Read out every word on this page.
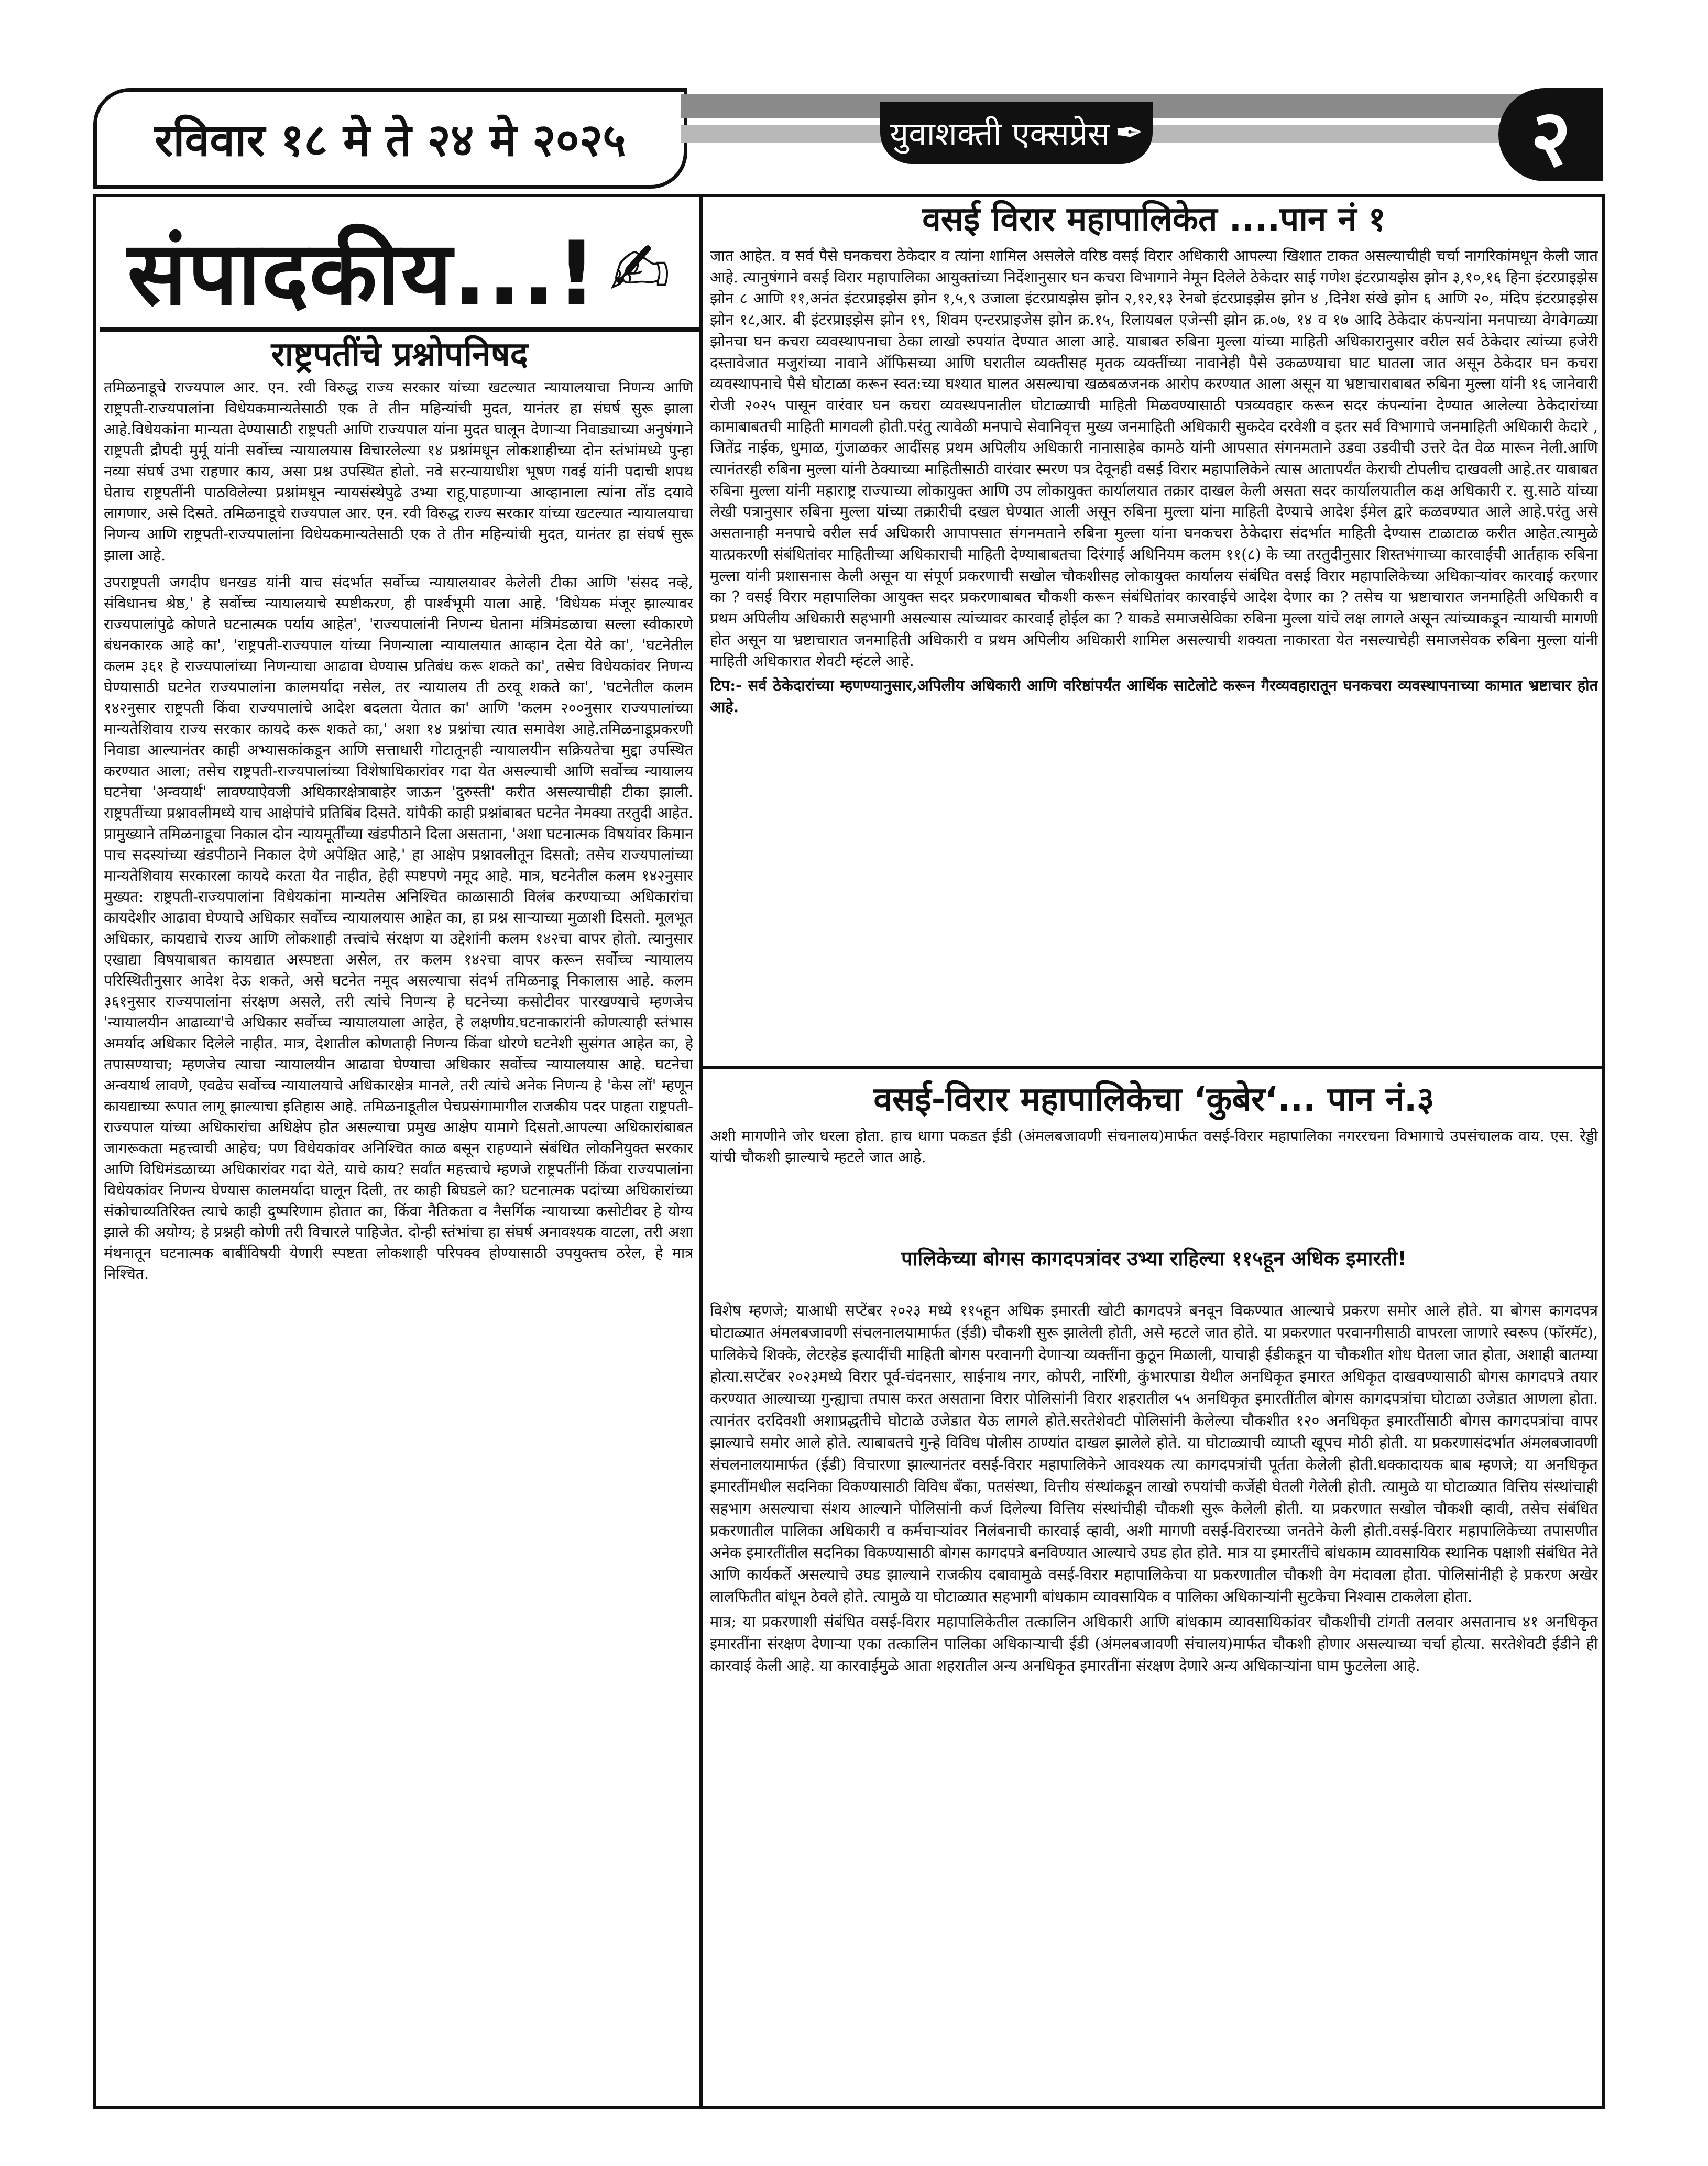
रविवार १८ मे ते २४ मे २०२५	युवाशक्ती एक्सप्रेस ✒	२
संपादकीय...! ✍
राष्ट्रपतींचे प्रश्नोपनिषद

तमिळनाडूचे राज्यपाल आर. एन. रवी विरुद्ध राज्य सरकार यांच्या खटल्यात न्यायालयाचा निणन्य आणि राष्ट्रपती-राज्यपालांना विधेयकमान्यतेसाठी एक ते तीन महिन्यांची मुदत, यानंतर हा संघर्ष सुरू झाला आहे.विधेयकांना मान्यता देण्यासाठी राष्ट्रपती आणि राज्यपाल यांना मुदत घालून देणाऱ्या निवाड्याच्या अनुषंगाने राष्ट्रपती द्रौपदी मुर्मू यांनी सर्वोच्च न्यायालयास विचारलेल्या १४ प्रश्नांमधून लोकशाहीच्या दोन स्तंभांमध्ये पुन्हा नव्या संघर्ष उभा राहणार काय, असा प्रश्न उपस्थित होतो. नवे सरन्यायाधीश भूषण गवई यांनी पदाची शपथ घेताच राष्ट्रपतींनी पाठविलेल्या प्रश्नांमधून न्यायसंस्थेपुढे उभ्या राहू,पाहणाऱ्या आव्हानाला त्यांना तोंड दयावे लागणार, असे दिसते. तमिळनाडूचे राज्यपाल आर. एन. रवी विरुद्ध राज्य सरकार यांच्या खटल्यात न्यायालयाचा निणन्य आणि राष्ट्रपती-राज्यपालांना विधेयकमान्यतेसाठी एक ते तीन महिन्यांची मुदत, यानंतर हा संघर्ष सुरू झाला आहे.

उपराष्ट्रपती जगदीप धनखड यांनी याच संदर्भात सर्वोच्च न्यायालयावर केलेली टीका आणि 'संसद नव्हे, संविधानच श्रेष्ठ,' हे सर्वोच्च न्यायालयाचे स्पष्टीकरण, ही पार्श्वभूमी याला आहे. 'विधेयक मंजूर झाल्यावर राज्यपालांपुढे कोणते घटनात्मक पर्याय आहेत', 'राज्यपालांनी निणन्य घेताना मंत्रिमंडळाचा सल्ला स्वीकारणे बंधनकारक आहे का', 'राष्ट्रपती-राज्यपाल यांच्या निणन्याला न्यायालयात आव्हान देता येते का', 'घटनेतील कलम ३६१ हे राज्यपालांच्या निणन्याचा आढावा घेण्यास प्रतिबंध करू शकते का', तसेच विधेयकांवर निणन्य घेण्यासाठी घटनेत राज्यपालांना कालमर्यादा नसेल, तर न्यायालय ती ठरवू शकते का', 'घटनेतील कलम १४२नुसार राष्ट्रपती किंवा राज्यपालांचे आदेश बदलता येतात का' आणि 'कलम २००नुसार राज्यपालांच्या मान्यतेशिवाय राज्य सरकार कायदे करू शकते का,' अशा १४ प्रश्नांचा त्यात समावेश आहे.तमिळनाडूप्रकरणी निवाडा आल्यानंतर काही अभ्यासकांकडून आणि सत्ताधारी गोटातूनही न्यायालयीन सक्रियतेचा मुद्दा उपस्थित करण्यात आला; तसेच राष्ट्रपती-राज्यपालांच्या विशेषाधिकारांवर गदा येत असल्याची आणि सर्वोच्च न्यायालय घटनेचा 'अन्वयार्थ' लावण्याऐवजी अधिकारक्षेत्राबाहेर जाऊन 'दुरुस्ती' करीत असल्याचीही टीका झाली. राष्ट्रपतींच्या प्रश्नावलीमध्ये याच आक्षेपांचे प्रतिबिंब दिसते. यांपैकी काही प्रश्नांबाबत घटनेत नेमक्या तरतुदी आहेत. प्रामुख्याने तमिळनाडूचा निकाल दोन न्यायमूर्तींच्या खंडपीठाने दिला असताना, 'अशा घटनात्मक विषयांवर किमान पाच सदस्यांच्या खंडपीठाने निकाल देणे अपेक्षित आहे,' हा आक्षेप प्रश्नावलीतून दिसतो; तसेच राज्यपालांच्या मान्यतेशिवाय सरकारला कायदे करता येत नाहीत, हेही स्पष्टपणे नमूद आहे. मात्र, घटनेतील कलम १४२नुसार मुख्यत: राष्ट्रपती-राज्यपालांना विधेयकांना मान्यतेस अनिश्चित काळासाठी विलंब करण्याच्या अधिकारांचा कायदेशीर आढावा घेण्याचे अधिकार सर्वोच्च न्यायालयास आहेत का, हा प्रश्न साऱ्याच्या मुळाशी दिसतो. मूलभूत अधिकार, कायद्याचे राज्य आणि लोकशाही तत्त्वांचे संरक्षण या उद्देशांनी कलम १४२चा वापर होतो. त्यानुसार एखाद्या विषयाबाबत कायद्यात अस्पष्टता असेल, तर कलम १४२चा वापर करून सर्वोच्च न्यायालय परिस्थितीनुसार आदेश देऊ शकते, असे घटनेत नमूद असल्याचा संदर्भ तमिळनाडू निकालास आहे. कलम ३६१नुसार राज्यपालांना संरक्षण असले, तरी त्यांचे निणन्य हे घटनेच्या कसोटीवर पारखण्याचे म्हणजेच 'न्यायालयीन आढाव्या'चे अधिकार सर्वोच्च न्यायालयाला आहेत, हे लक्षणीय.घटनाकारांनी कोणत्याही स्तंभास अमर्याद अधिकार दिलेले नाहीत. मात्र, देशातील कोणताही निणन्य किंवा धोरणे घटनेशी सुसंगत आहेत का, हे तपासण्याचा; म्हणजेच त्याचा न्यायालयीन आढावा घेण्याचा अधिकार सर्वोच्च न्यायालयास आहे. घटनेचा अन्वयार्थ लावणे, एवढेच सर्वोच्च न्यायालयाचे अधिकारक्षेत्र मानले, तरी त्यांचे अनेक निणन्य हे 'केस लॉ' म्हणून कायद्याच्या रूपात लागू झाल्याचा इतिहास आहे. तमिळनाडूतील पेचप्रसंगामागील राजकीय पदर पाहता राष्ट्रपती-राज्यपाल यांच्या अधिकारांचा अधिक्षेप होत असल्याचा प्रमुख आक्षेप यामागे दिसतो.आपल्या अधिकारांबाबत जागरूकता महत्त्वाची आहेच; पण विधेयकांवर अनिश्चित काळ बसून राहण्याने संबंधित लोकनियुक्त सरकार आणि विधिमंडळाच्या अधिकारांवर गदा येते, याचे काय? सर्वांत महत्त्वाचे म्हणजे राष्ट्रपतींनी किंवा राज्यपालांना विधेयकांवर निणन्य घेण्यास कालमर्यादा घालून दिली, तर काही बिघडले का? घटनात्मक पदांच्या अधिकारांच्या संकोचाव्यतिरिक्त त्याचे काही दुष्परिणाम होतात का, किंवा नैतिकता व नैसर्गिक न्यायाच्या कसोटीवर हे योग्य झाले की अयोग्य; हे प्रश्नही कोणी तरी विचारले पाहिजेत. दोन्ही स्तंभांचा हा संघर्ष अनावश्यक वाटला, तरी अशा मंथनातून घटनात्मक बाबींविषयी येणारी स्पष्टता लोकशाही परिपक्व होण्यासाठी उपयुक्तच ठरेल, हे मात्र निश्चित.

वसई विरार महापालिकेत ....पान नं १

जात आहेत. व सर्व पैसे घनकचरा ठेकेदार व त्यांना शामिल असलेले वरिष्ठ वसई विरार अधिकारी आपल्या खिशात टाकत असल्याचीही चर्चा नागरिकांमधून केली जात आहे. त्यानुषंगाने वसई विरार महापालिका आयुक्तांच्या निर्देशानुसार घन कचरा विभागाने नेमून दिलेले ठेकेदार साई गणेश इंटरप्रायझेस झोन ३,१०,१६ हिना इंटरप्राइझेस झोन ८ आणि ११,अनंत इंटरप्राइझेस झोन १,५,९ उजाला इंटरप्रायझेस झोन २,१२,१३ रेनबो इंटरप्राइझेस झोन ४ ,दिनेश संखे झोन ६ आणि २०, मंदिप इंटरप्राइझेस झोन १८,आर. बी इंटरप्राइझेस झोन १९, शिवम एन्टरप्राइजेस झोन क्र.१५, रिलायबल एजेन्सी झोन क्र.०७, १४ व १७ आदि ठेकेदार कंपन्यांना मनपाच्या वेगवेगळ्या झोनचा घन कचरा व्यवस्थापनाचा ठेका लाखो रुपयांत देण्यात आला आहे. याबाबत रुबिना मुल्ला यांच्या माहिती अधिकारानुसार वरील सर्व ठेकेदार त्यांच्या हजेरी दस्तावेजात मजुरांच्या नावाने ऑफिसच्या आणि घरातील व्यक्तीसह मृतक व्यक्तींच्या नावानेही पैसे उकळण्याचा घाट घातला जात असून ठेकेदार घन कचरा व्यवस्थापनाचे पैसे घोटाळा करून स्वत:च्या घश्यात घालत असल्याचा खळबळजनक आरोप करण्यात आला असून या भ्रष्टाचाराबाबत रुबिना मुल्ला यांनी १६ जानेवारी रोजी २०२५ पासून वारंवार घन कचरा व्यवस्थपनातील घोटाळ्याची माहिती मिळवण्यासाठी पत्रव्यवहार करून सदर कंपन्यांना देण्यात आलेल्या ठेकेदारांच्या कामाबाबतची माहिती मागवली होती.परंतु त्यावेळी मनपाचे सेवानिवृत्त मुख्य जनमाहिती अधिकारी सुकदेव दरवेशी व इतर सर्व विभागाचे जनमाहिती अधिकारी केदारे , जितेंद्र नाईक, धुमाळ, गुंजाळकर आदींसह प्रथम अपिलीय अधिकारी नानासाहेब कामठे यांनी आपसात संगनमताने उडवा उडवीची उत्तरे देत वेळ मारून नेली.आणि त्यानंतरही रुबिना मुल्ला यांनी ठेक्याच्या माहितीसाठी वारंवार स्मरण पत्र देवूनही वसई विरार महापालिकेने त्यास आतापर्यंत केराची टोपलीच दाखवली आहे.तर याबाबत रुबिना मुल्ला यांनी महाराष्ट्र राज्याच्या लोकायुक्त आणि उप लोकायुक्त कार्यालयात तक्रार दाखल केली असता सदर कार्यालयातील कक्ष अधिकारी र. सु.साठे यांच्या लेखी पत्रानुसार रुबिना मुल्ला यांच्या तक्रारीची दखल घेण्यात आली असून रुबिना मुल्ला यांना माहिती देण्याचे आदेश ईमेल द्वारे कळवण्यात आले आहे.परंतु असे असतानाही मनपाचे वरील सर्व अधिकारी आपापसात संगनमताने रुबिना मुल्ला यांना घनकचरा ठेकेदारा संदर्भात माहिती देण्यास टाळाटाळ करीत आहेत.त्यामुळे यात्प्रकरणी संबंधितांवर माहितीच्या अधिकाराची माहिती देण्याबाबतचा दिरंगाई अधिनियम कलम ११(८) के च्या तरतुदीनुसार शिस्तभंगाच्या कारवाईची आर्तहाक रुबिना मुल्ला यांनी प्रशासनास केली असून या संपूर्ण प्रकरणाची सखोल चौकशीसह लोकायुक्त कार्यालय संबंधित वसई विरार महापालिकेच्या अधिकाऱ्यांवर कारवाई करणार का ? वसई विरार महापालिका आयुक्त सदर प्रकरणाबाबत चौकशी करून संबंधितांवर कारवाईचे आदेश देणार का ? तसेच या भ्रष्टाचारात जनमाहिती अधिकारी व प्रथम अपिलीय अधिकारी सहभागी असल्यास त्यांच्यावर कारवाई होईल का ? याकडे समाजसेविका रुबिना मुल्ला यांचे लक्ष लागले असून त्यांच्याकडून न्यायाची मागणी होत असून या भ्रष्टाचारात जनमाहिती अधिकारी व प्रथम अपिलीय अधिकारी शामिल असल्याची शक्यता नाकारता येत नसल्याचेही समाजसेवक रुबिना मुल्ला यांनी माहिती अधिकारात शेवटी म्हंटले आहे.

टिप:- सर्व ठेकेदारांच्या म्हणण्यानुसार,अपिलीय अधिकारी आणि वरिष्ठांपर्यंत आर्थिक साटेलोटे करून गैरव्यवहारातून घनकचरा व्यवस्थापनाच्या कामात भ्रष्टाचार होत आहे.

वसई-विरार महापालिकेचा ‘कुबेर‘... पान नं.३

अशी मागणीने जोर धरला होता. हाच धागा पकडत ईडी (अंमलबजावणी संचनालय)मार्फत वसई-विरार महापालिका नगररचना विभागाचे उपसंचालक वाय. एस. रेड्डी यांची चौकशी झाल्याचे म्हटले जात आहे.

पालिकेच्या बोगस कागदपत्रांवर उभ्या राहिल्या ११५हून अधिक इमारती!

विशेष म्हणजे; याआधी सप्टेंबर २०२३ मध्ये ११५हून अधिक इमारती खोटी कागदपत्रे बनवून विकण्यात आल्याचे प्रकरण समोर आले होते. या बोगस कागदपत्र घोटाळ्यात अंमलबजावणी संचलनालयामार्फत (ईडी) चौकशी सुरू झालेली होती, असे म्हटले जात होते. या प्रकरणात परवानगीसाठी वापरला जाणारे स्वरूप (फॉरमॅट), पालिकेचे शिक्के, लेटरहेड इत्यादींची माहिती बोगस परवानगी देणाऱ्या व्यक्तींना कुठून मिळाली, याचाही ईडीकडून या चौकशीत शोध घेतला जात होता, अशाही बातम्या होत्या.सप्टेंबर २०२३मध्ये विरार पूर्व-चंदनसार, साईनाथ नगर, कोपरी, नारिंगी, कुंभारपाडा येथील अनधिकृत इमारत अधिकृत दाखवण्यासाठी बोगस कागदपत्रे तयार करण्यात आल्याच्या गुन्ह्याचा तपास करत असताना विरार पोलिसांनी विरार शहरातील ५५ अनधिकृत इमारतींतील बोगस कागदपत्रांचा घोटाळा उजेडात आणला होता. त्यानंतर दरदिवशी अशाप्रद्धतीचे घोटाळे उजेडात येऊ लागले होते.सरतेशेवटी पोलिसांनी केलेल्या चौकशीत १२० अनधिकृत इमारतींसाठी बोगस कागदपत्रांचा वापर झाल्याचे समोर आले होते. त्याबाबतचे गुन्हे विविध पोलीस ठाण्यांत दाखल झालेले होते. या घोटाळ्याची व्याप्ती खूपच मोठी होती. या प्रकरणासंदर्भात अंमलबजावणी संचलनालयामार्फत (ईडी) विचारणा झाल्यानंतर वसई-विरार महापालिकेने आवश्यक त्या कागदपत्रांची पूर्तता केलेली होती.धक्कादायक बाब म्हणजे; या अनधिकृत इमारतींमधील सदनिका विकण्यासाठी विविध बँका, पतसंस्था, वित्तीय संस्थांकडून लाखो रुपयांची कर्जेही घेतली गेलेली होती. त्यामुळे या घोटाळ्यात वित्तिय संस्थांचाही सहभाग असल्याचा संशय आल्याने पोलिसांनी कर्ज दिलेल्या वित्तिय संस्थांचीही चौकशी सुरू केलेली होती. या प्रकरणात सखोल चौकशी व्हावी, तसेच संबंधित प्रकरणातील पालिका अधिकारी व कर्मचाऱ्यांवर निलंबनाची कारवाई व्हावी, अशी मागणी वसई-विरारच्या जनतेने केली होती.वसई-विरार महापालिकेच्या तपासणीत अनेक इमारतींतील सदनिका विकण्यासाठी बोगस कागदपत्रे बनविण्यात आल्याचे उघड होत होते. मात्र या इमारतींचे बांधकाम व्यावसायिक स्थानिक पक्षाशी संबंधित नेते आणि कार्यकर्ते असल्याचे उघड झाल्याने राजकीय दबावामुळे वसई-विरार महापालिकेचा या प्रकरणातील चौकशी वेग मंदावला होता. पोलिसांनीही हे प्रकरण अखेर लालफितीत बांधून ठेवले होते. त्यामुळे या घोटाळ्यात सहभागी बांधकाम व्यावसायिक व पालिका अधिकाऱ्यांनी सुटकेचा निश्वास टाकलेला होता.

मात्र; या प्रकरणाशी संबंधित वसई-विरार महापालिकेतील तत्कालिन अधिकारी आणि बांधकाम व्यावसायिकांवर चौकशीची टांगती तलवार असतानाच ४१ अनधिकृत इमारतींना संरक्षण देणाऱ्या एका तत्कालिन पालिका अधिकाऱ्याची ईडी (अंमलबजावणी संचालय)मार्फत चौकशी होणार असल्याच्या चर्चा होत्या. सरतेशेवटी ईडीने ही कारवाई केली आहे. या कारवाईमुळे आता शहरातील अन्य अनधिकृत इमारतींना संरक्षण देणारे अन्य अधिकाऱ्यांना घाम फुटलेला आहे.
